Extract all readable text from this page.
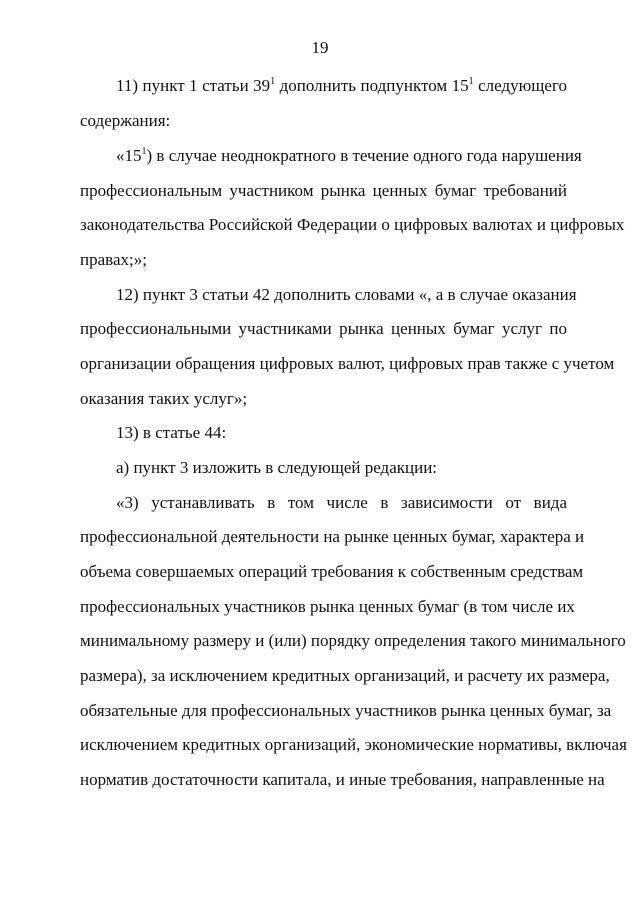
19
11) пункт 1 статьи $39^1$ дополнить подпунктом $15^1$ следующего
содержания:
«$15^1$) в случае неоднократного в течение одного года нарушения
профессиональным участником рынка ценных бумаг требований
законодательства Российской Федерации о цифровых валютах и цифровых
правах;»;
12) пункт 3 статьи 42 дополнить словами «, а в случае оказания
профессиональными участниками рынка ценных бумаг услуг по
организации обращения цифровых валют, цифровых прав также с учетом
оказания таких услуг»;
13) в статье 44:
а) пункт 3 изложить в следующей редакции:
«3) устанавливать в том числе в зависимости от вида
профессиональной деятельности на рынке ценных бумаг, характера и
объема совершаемых операций требования к собственным средствам
профессиональных участников рынка ценных бумаг (в том числе их
минимальному размеру и (или) порядку определения такого минимального
размера), за исключением кредитных организаций, и расчету их размера,
обязательные для профессиональных участников рынка ценных бумаг, за
исключением кредитных организаций, экономические нормативы, включая
норматив достаточности капитала, и иные требования, направленные на
